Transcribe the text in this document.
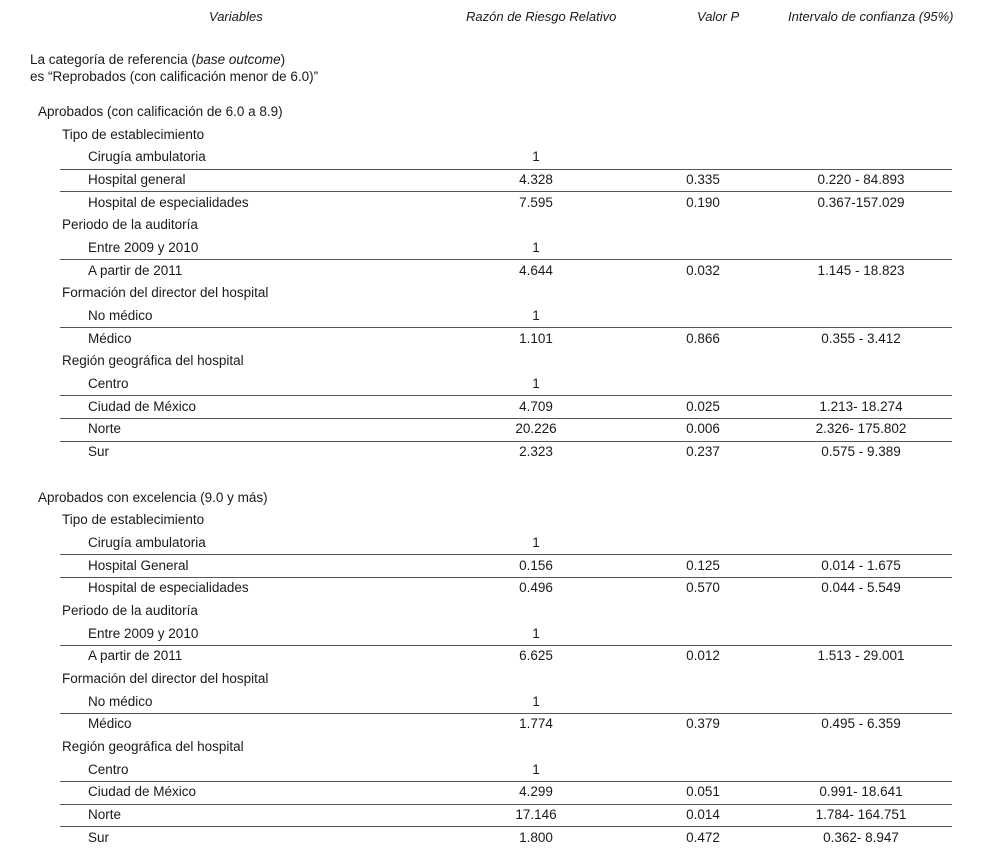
Variables	Razón de Riesgo Relativo	Valor P	Intervalo de confianza (95%)
La categoría de referencia (base outcome)
es “Reprobados (con calificación menor de 6.0)”
Aprobados (con calificación de 6.0 a 8.9)
Tipo de establecimiento
Cirugía ambulatoria	1
Hospital general	4.328	0.335	0.220 - 84.893
Hospital de especialidades	7.595	0.190	0.367-157.029
Periodo de la auditoría
Entre 2009 y 2010	1
A partir de 2011	4.644	0.032	1.145 - 18.823
Formación del director del hospital
No médico	1
Médico	1.101	0.866	0.355 - 3.412
Región geográfica del hospital
Centro	1
Ciudad de México	4.709	0.025	1.213- 18.274
Norte	20.226	0.006	2.326- 175.802
Sur	2.323	0.237	0.575 - 9.389
Aprobados con excelencia (9.0 y más)
Tipo de establecimiento
Cirugía ambulatoria	1
Hospital General	0.156	0.125	0.014 - 1.675
Hospital de especialidades	0.496	0.570	0.044 - 5.549
Periodo de la auditoría
Entre 2009 y 2010	1
A partir de 2011	6.625	0.012	1.513 - 29.001
Formación del director del hospital
No médico	1
Médico	1.774	0.379	0.495 - 6.359
Región geográfica del hospital
Centro	1
Ciudad de México	4.299	0.051	0.991- 18.641
Norte	17.146	0.014	1.784- 164.751
Sur	1.800	0.472	0.362- 8.947
